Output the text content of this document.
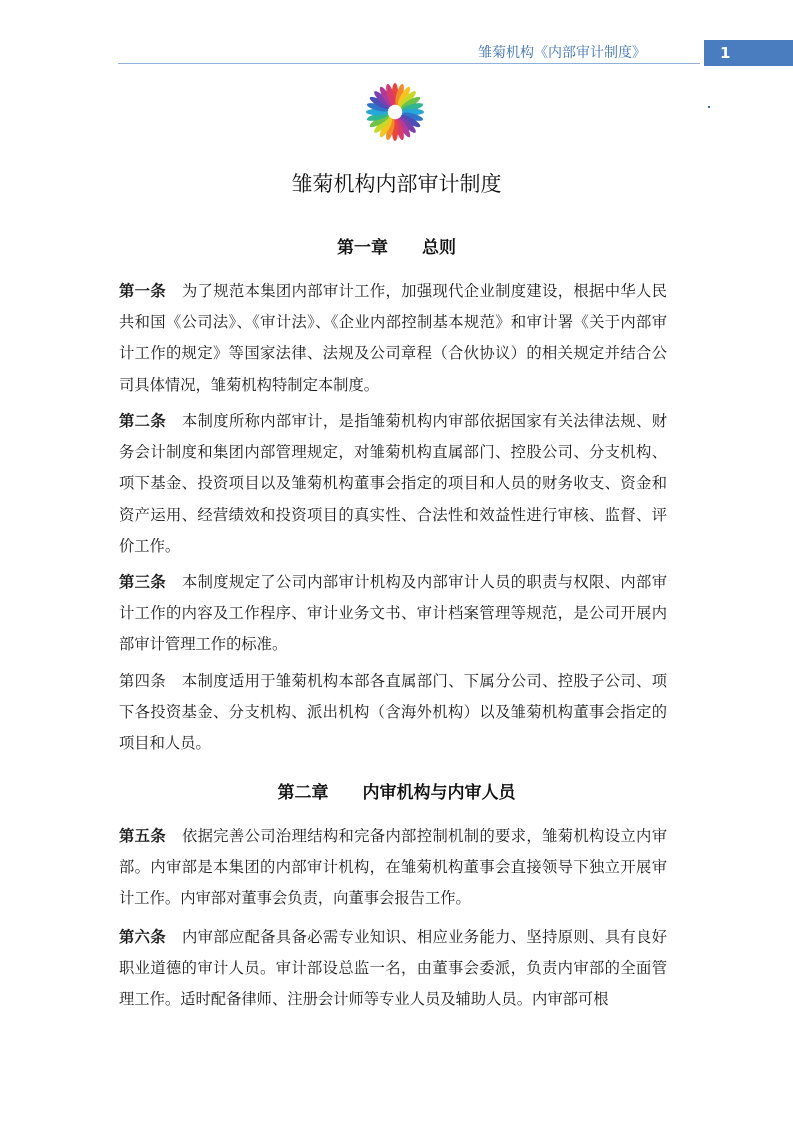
雏菊机构《内部审计制度》	1
雏菊机构内部审计制度
第一章 总则
第一条 为了规范本集团内部审计工作，加强现代企业制度建设，根据中华人民共和国《公司法》、《审计法》、《企业内部控制基本规范》和审计署《关于内部审计工作的规定》等国家法律、法规及公司章程（合伙协议）的相关规定并结合公司具体情况，雏菊机构特制定本制度。
第二条 本制度所称内部审计，是指雏菊机构内审部依据国家有关法律法规、财务会计制度和集团内部管理规定，对雏菊机构直属部门、控股公司、分支机构、项下基金、投资项目以及雏菊机构董事会指定的项目和人员的财务收支、资金和资产运用、经营绩效和投资项目的真实性、合法性和效益性进行审核、监督、评价工作。
第三条 本制度规定了公司内部审计机构及内部审计人员的职责与权限、内部审计工作的内容及工作程序、审计业务文书、审计档案管理等规范，是公司开展内部审计管理工作的标准。
第四条 本制度适用于雏菊机构本部各直属部门、下属分公司、控股子公司、项下各投资基金、分支机构、派出机构（含海外机构）以及雏菊机构董事会指定的项目和人员。
第二章 内审机构与内审人员
第五条 依据完善公司治理结构和完备内部控制机制的要求，雏菊机构设立内审部。内审部是本集团的内部审计机构，在雏菊机构董事会直接领导下独立开展审计工作。内审部对董事会负责，向董事会报告工作。
第六条 内审部应配备具备必需专业知识、相应业务能力、坚持原则、具有良好职业道德的审计人员。审计部设总监一名，由董事会委派，负责内审部的全面管理工作。适时配备律师、注册会计师等专业人员及辅助人员。内审部可根
